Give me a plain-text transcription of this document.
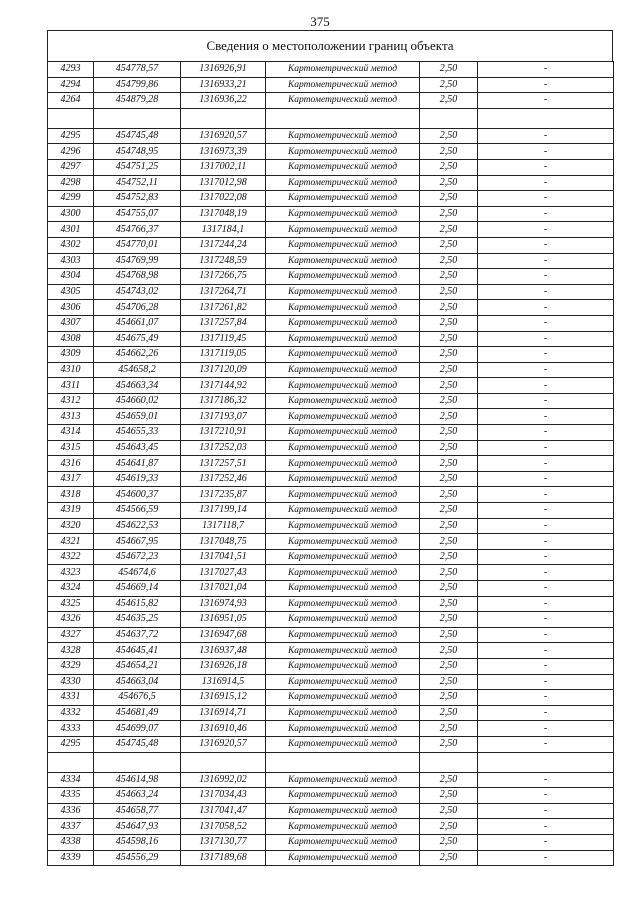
375
Сведения о местоположении границ объекта
4293	454778,57	1316926,91	Картометрический метод	2,50	-
4294	454799,86	1316933,21	Картометрический метод	2,50	-
4264	454879,28	1316936,22	Картометрический метод	2,50	-

4295	454745,48	1316920,57	Картометрический метод	2,50	-
4296	454748,95	1316973,39	Картометрический метод	2,50	-
4297	454751,25	1317002,11	Картометрический метод	2,50	-
4298	454752,11	1317012,98	Картометрический метод	2,50	-
4299	454752,83	1317022,08	Картометрический метод	2,50	-
4300	454755,07	1317048,19	Картометрический метод	2,50	-
4301	454766,37	1317184,1	Картометрический метод	2,50	-
4302	454770,01	1317244,24	Картометрический метод	2,50	-
4303	454769,99	1317248,59	Картометрический метод	2,50	-
4304	454768,98	1317266,75	Картометрический метод	2,50	-
4305	454743,02	1317264,71	Картометрический метод	2,50	-
4306	454706,28	1317261,82	Картометрический метод	2,50	-
4307	454661,07	1317257,84	Картометрический метод	2,50	-
4308	454675,49	1317119,45	Картометрический метод	2,50	-
4309	454662,26	1317119,05	Картометрический метод	2,50	-
4310	454658,2	1317120,09	Картометрический метод	2,50	-
4311	454663,34	1317144,92	Картометрический метод	2,50	-
4312	454660,02	1317186,32	Картометрический метод	2,50	-
4313	454659,01	1317193,07	Картометрический метод	2,50	-
4314	454655,33	1317210,91	Картометрический метод	2,50	-
4315	454643,45	1317252,03	Картометрический метод	2,50	-
4316	454641,87	1317257,51	Картометрический метод	2,50	-
4317	454619,33	1317252,46	Картометрический метод	2,50	-
4318	454600,37	1317235,87	Картометрический метод	2,50	-
4319	454566,59	1317199,14	Картометрический метод	2,50	-
4320	454622,53	1317118,7	Картометрический метод	2,50	-
4321	454667,95	1317048,75	Картометрический метод	2,50	-
4322	454672,23	1317041,51	Картометрический метод	2,50	-
4323	454674,6	1317027,43	Картометрический метод	2,50	-
4324	454669,14	1317021,04	Картометрический метод	2,50	-
4325	454615,82	1316974,93	Картометрический метод	2,50	-
4326	454635,25	1316951,05	Картометрический метод	2,50	-
4327	454637,72	1316947,68	Картометрический метод	2,50	-
4328	454645,41	1316937,48	Картометрический метод	2,50	-
4329	454654,21	1316926,18	Картометрический метод	2,50	-
4330	454663,04	1316914,5	Картометрический метод	2,50	-
4331	454676,5	1316915,12	Картометрический метод	2,50	-
4332	454681,49	1316914,71	Картометрический метод	2,50	-
4333	454699,07	1316910,46	Картометрический метод	2,50	-
4295	454745,48	1316920,57	Картометрический метод	2,50	-

4334	454614,98	1316992,02	Картометрический метод	2,50	-
4335	454663,24	1317034,43	Картометрический метод	2,50	-
4336	454658,77	1317041,47	Картометрический метод	2,50	-
4337	454647,93	1317058,52	Картометрический метод	2,50	-
4338	454598,16	1317130,77	Картометрический метод	2,50	-
4339	454556,29	1317189,68	Картометрический метод	2,50	-
